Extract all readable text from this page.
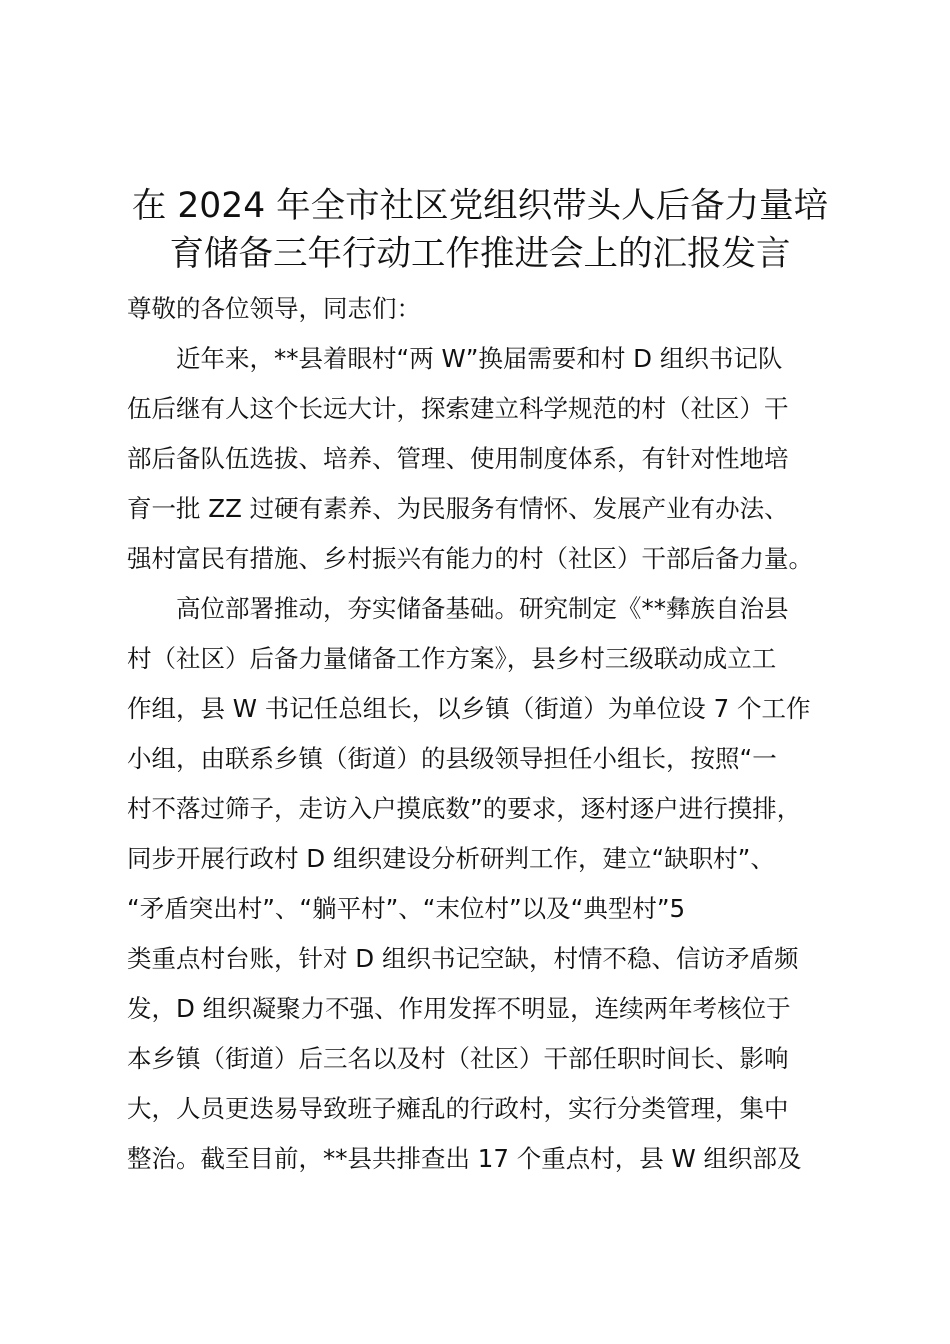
在 2024 年全市社区党组织带头人后备力量培
育储备三年行动工作推进会上的汇报发言
尊敬的各位领导，同志们：
　　近年来，**县着眼村“两 W”换届需要和村 D 组织书记队
伍后继有人这个长远大计，探索建立科学规范的村（社区）干
部后备队伍选拔、培养、管理、使用制度体系，有针对性地培
育一批 ZZ 过硬有素养、为民服务有情怀、发展产业有办法、
强村富民有措施、乡村振兴有能力的村（社区）干部后备力量。
　　高位部署推动，夯实储备基础。研究制定《**彝族自治县
村（社区）后备力量储备工作方案》，县乡村三级联动成立工
作组，县 W 书记任总组长，以乡镇（街道）为单位设 7 个工作
小组，由联系乡镇（街道）的县级领导担任小组长，按照“一
村不落过筛子，走访入户摸底数”的要求，逐村逐户进行摸排，
同步开展行政村 D 组织建设分析研判工作，建立“缺职村”、
“矛盾突出村”、“躺平村”、“末位村”以及“典型村”5
类重点村台账，针对 D 组织书记空缺，村情不稳、信访矛盾频
发，D 组织凝聚力不强、作用发挥不明显，连续两年考核位于
本乡镇（街道）后三名以及村（社区）干部任职时间长、影响
大，人员更迭易导致班子瘫乱的行政村，实行分类管理，集中
整治。截至目前，**县共排查出 17 个重点村，县 W 组织部及
